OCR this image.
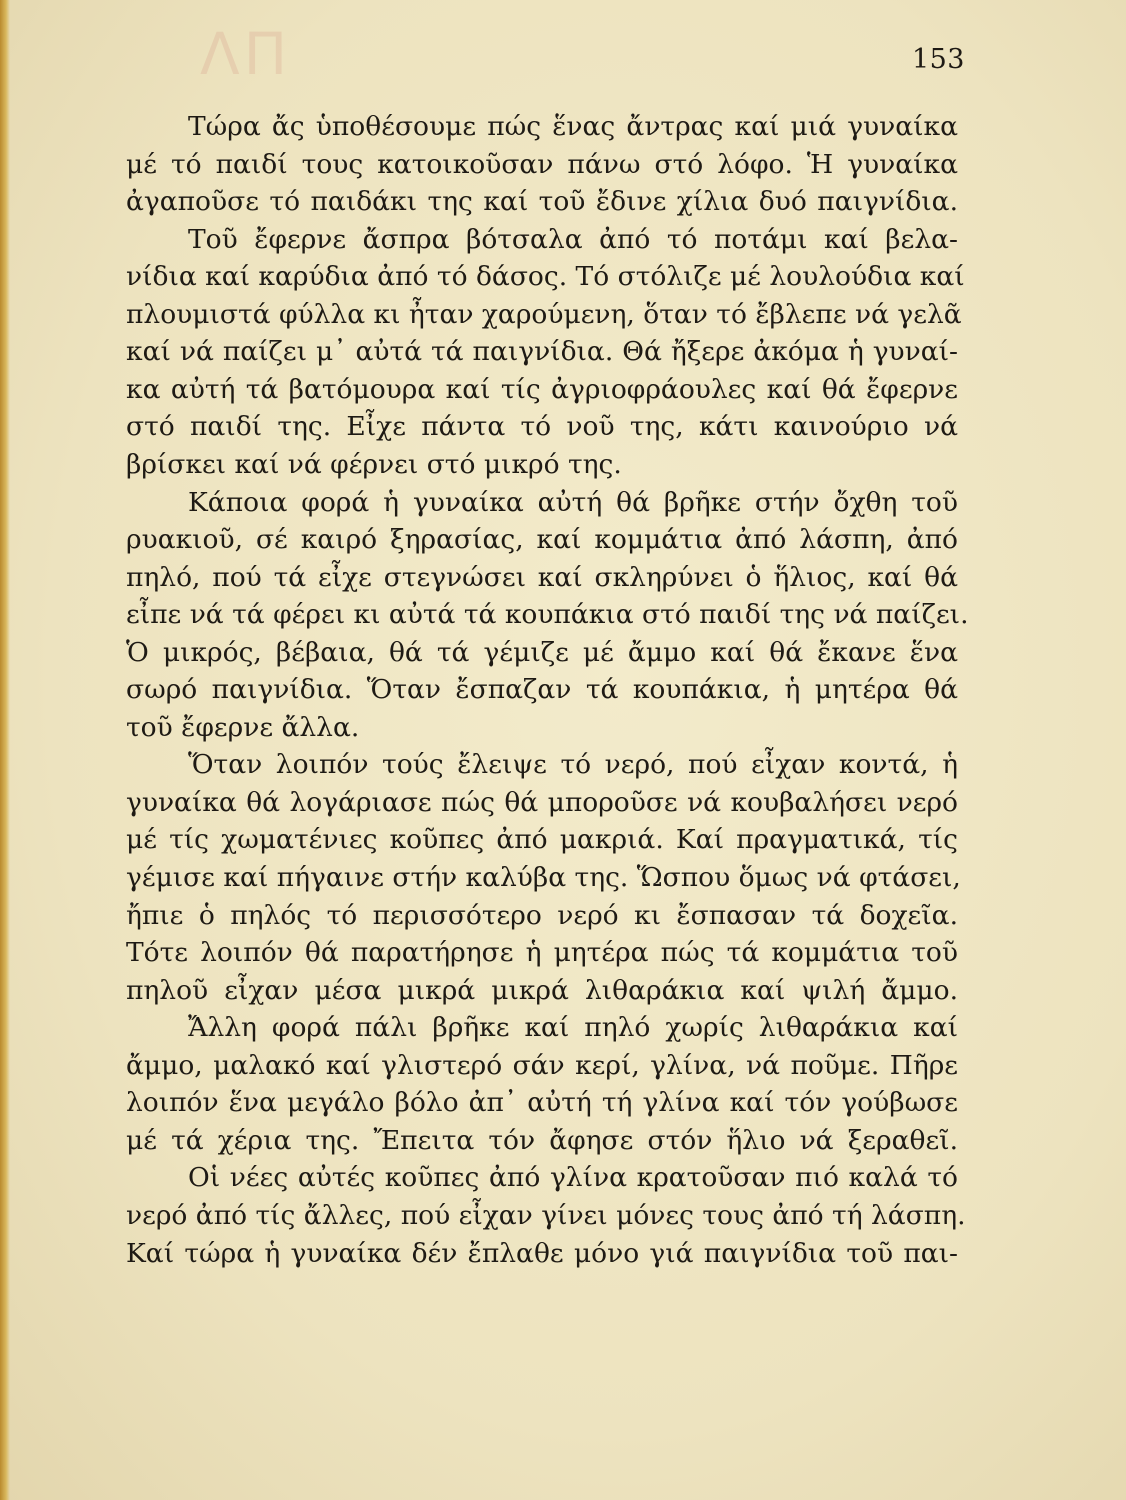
ΛΠ	153
Τώρα ἄς ὑποθέσουμε πώς ἕνας ἄντρας καί μιά γυναίκα
μέ τό παιδί τους κατοικοῦσαν πάνω στό λόφο. Ἡ γυναίκα
ἀγαποῦσε τό παιδάκι της καί τοῦ ἔδινε χίλια δυό παιγνίδια.
Τοῦ ἔφερνε ἄσπρα βότσαλα ἀπό τό ποτάμι καί βελα-
νίδια καί καρύδια ἀπό τό δάσος. Τό στόλιζε μέ λουλούδια καί
πλουμιστά φύλλα κι ἦταν χαρούμενη, ὅταν τό ἔβλεπε νά γελᾶ
καί νά παίζει μ᾿ αὐτά τά παιγνίδια. Θά ἤξερε ἀκόμα ἡ γυναί-
κα αὐτή τά βατόμουρα καί τίς ἀγριοφράουλες καί θά ἔφερνε
στό παιδί της. Εἶχε πάντα τό νοῦ της, κάτι καινούριο νά
βρίσκει καί νά φέρνει στό μικρό της.
Κάποια φορά ἡ γυναίκα αὐτή θά βρῆκε στήν ὄχθη τοῦ
ρυακιοῦ, σέ καιρό ξηρασίας, καί κομμάτια ἀπό λάσπη, ἀπό
πηλό, πού τά εἶχε στεγνώσει καί σκληρύνει ὁ ἥλιος, καί θά
εἶπε νά τά φέρει κι αὐτά τά κουπάκια στό παιδί της νά παίζει.
Ὁ μικρός, βέβαια, θά τά γέμιζε μέ ἄμμο καί θά ἔκανε ἕνα
σωρό παιγνίδια. Ὅταν ἔσπαζαν τά κουπάκια, ἡ μητέρα θά
τοῦ ἔφερνε ἄλλα.
Ὅταν λοιπόν τούς ἔλειψε τό νερό, πού εἶχαν κοντά, ἡ
γυναίκα θά λογάριασε πώς θά μποροῦσε νά κουβαλήσει νερό
μέ τίς χωματένιες κοῦπες ἀπό μακριά. Καί πραγματικά, τίς
γέμισε καί πήγαινε στήν καλύβα της. Ὥσπου ὅμως νά φτάσει,
ἤπιε ὁ πηλός τό περισσότερο νερό κι ἔσπασαν τά δοχεῖα.
Τότε λοιπόν θά παρατήρησε ἡ μητέρα πώς τά κομμάτια τοῦ
πηλοῦ εἶχαν μέσα μικρά μικρά λιθαράκια καί ψιλή ἄμμο.
Ἄλλη φορά πάλι βρῆκε καί πηλό χωρίς λιθαράκια καί
ἄμμο, μαλακό καί γλιστερό σάν κερί, γλίνα, νά ποῦμε. Πῆρε
λοιπόν ἕνα μεγάλο βόλο ἀπ᾿ αὐτή τή γλίνα καί τόν γούβωσε
μέ τά χέρια της. Ἔπειτα τόν ἄφησε στόν ἥλιο νά ξεραθεῖ.
Οἱ νέες αὐτές κοῦπες ἀπό γλίνα κρατοῦσαν πιό καλά τό
νερό ἀπό τίς ἄλλες, πού εἶχαν γίνει μόνες τους ἀπό τή λάσπη.
Καί τώρα ἡ γυναίκα δέν ἔπλαθε μόνο γιά παιγνίδια τοῦ παι-
